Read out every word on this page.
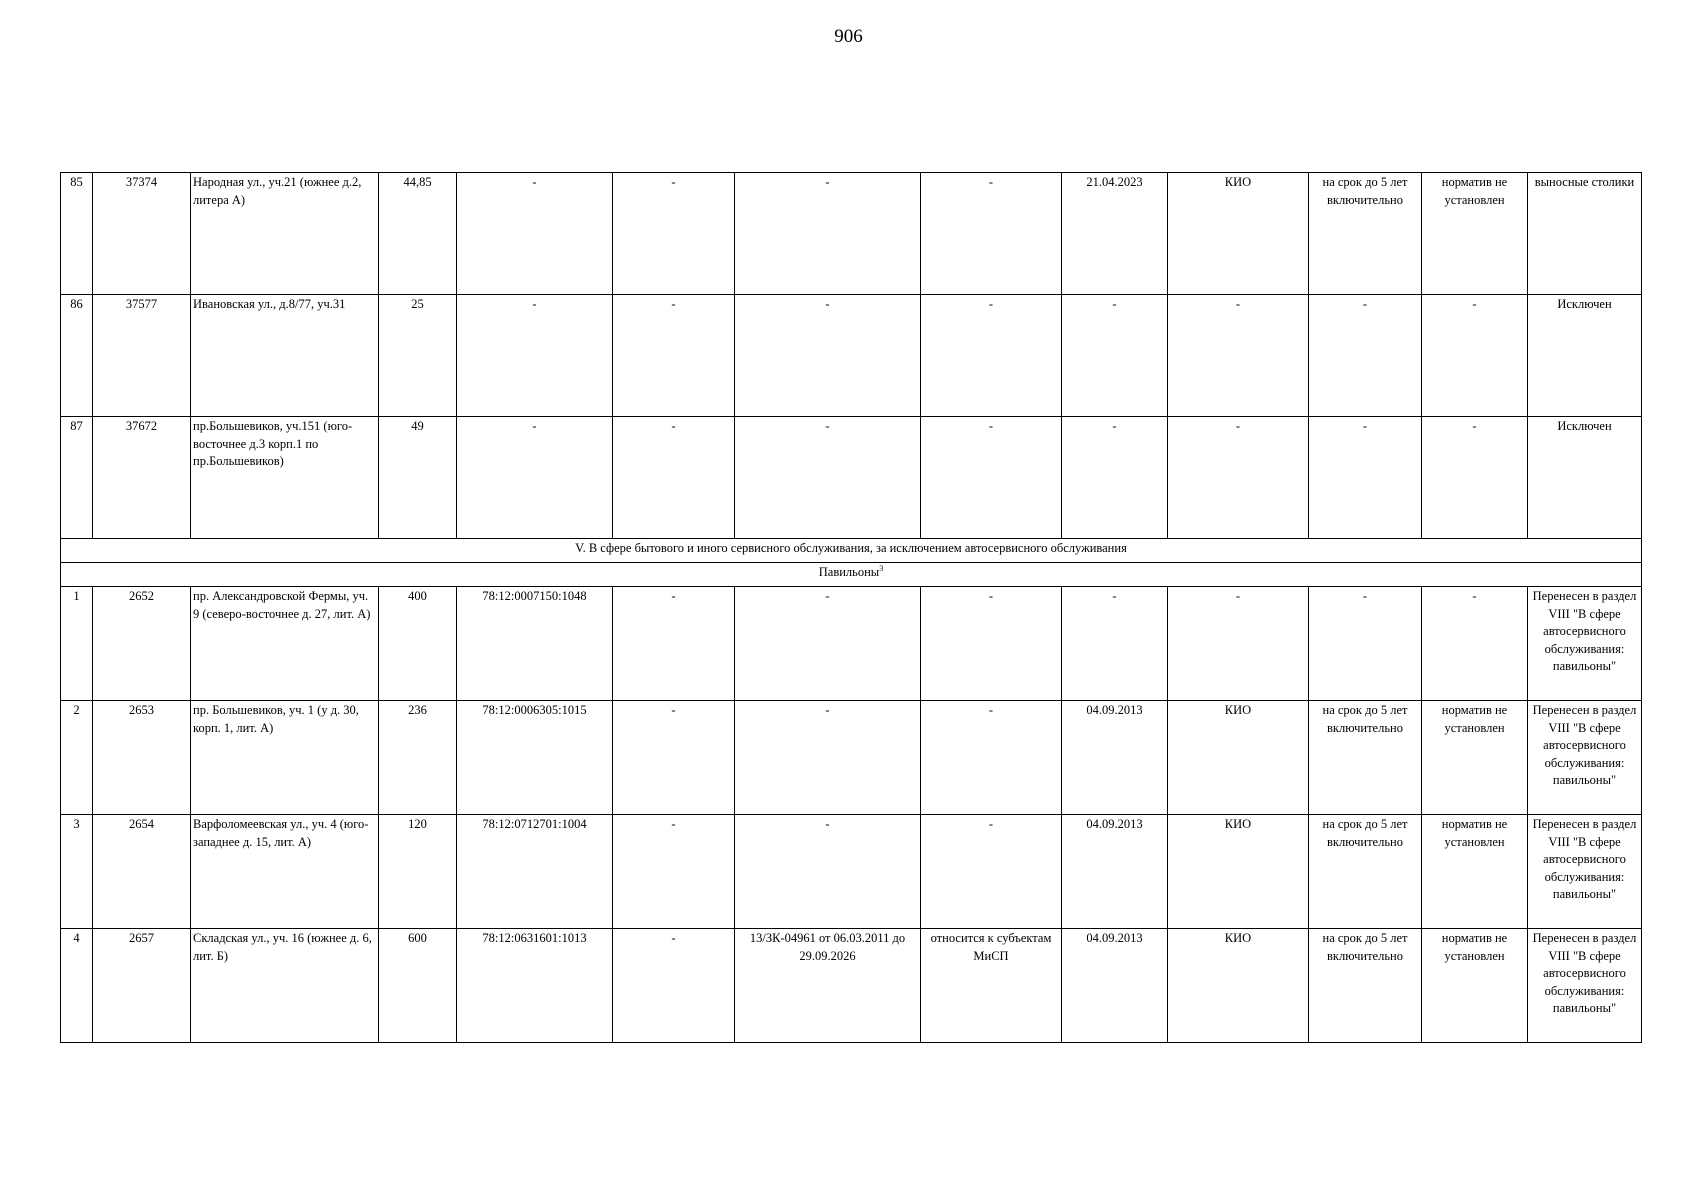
906
85	37374	Народная ул., уч.21 (южнее д.2, литера А)	44,85	-	-	-	-	21.04.2023	КИО	на срок до 5 лет включительно	норматив не установлен	выносные столики
86	37577	Ивановская ул., д.8/77, уч.31	25	-	-	-	-	-	-	-	-	Исключен
87	37672	пр.Большевиков, уч.151 (юго-восточнее д.3 корп.1 по пр.Большевиков)	49	-	-	-	-	-	-	-	-	Исключен
V. В сфере бытового и иного сервисного обслуживания, за исключением автосервисного обслуживания												
Павильоны$^3$
1	2652	пр. Александровской Фермы, уч. 9 (северо-восточнее д. 27, лит. А)	400	78:12:0007150:1048	-	-	-	-	-	-	-	Перенесен в раздел VIII "В сфере автосервисного обслуживания: павильоны"
2	2653	пр. Большевиков, уч. 1 (у д. 30, корп. 1, лит. А)	236	78:12:0006305:1015	-	-	-	04.09.2013	КИО	на срок до 5 лет включительно	норматив не установлен	Перенесен в раздел VIII "В сфере автосервисного обслуживания: павильоны"
3	2654	Варфоломеевская ул., уч. 4 (юго-западнее д. 15, лит. А)	120	78:12:0712701:1004	-	-	-	04.09.2013	КИО	на срок до 5 лет включительно	норматив не установлен	Перенесен в раздел VIII "В сфере автосервисного обслуживания: павильоны"
4	2657	Складская ул., уч. 16 (южнее д. 6, лит. Б)	600	78:12:0631601:1013	-	13/ЗК-04961 от 06.03.2011 до 29.09.2026	относится к субъектам МиСП	04.09.2013	КИО	на срок до 5 лет включительно	норматив не установлен	Перенесен в раздел VIII "В сфере автосервисного обслуживания: павильоны"
